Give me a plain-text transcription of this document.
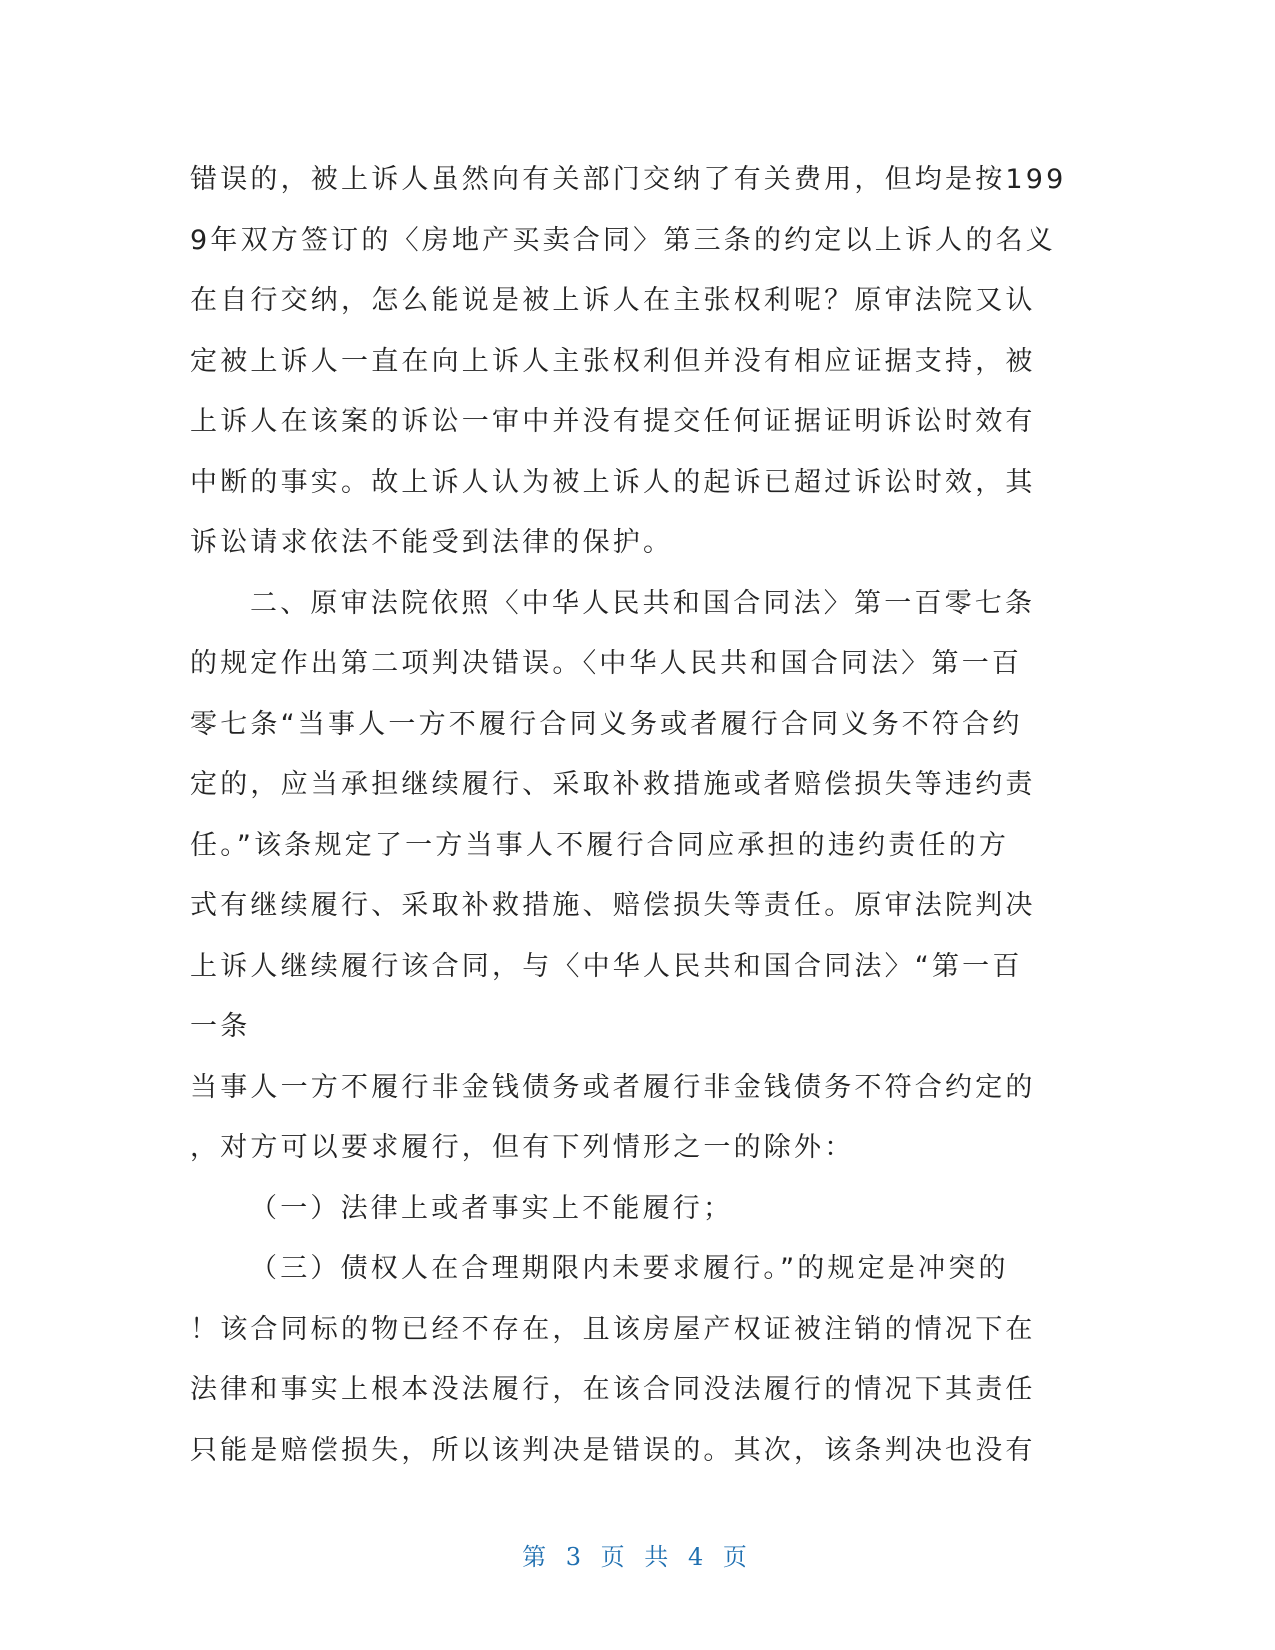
错误的，被上诉人虽然向有关部门交纳了有关费用，但均是按199
9年双方签订的〈房地产买卖合同〉第三条的约定以上诉人的名义
在自行交纳，怎么能说是被上诉人在主张权利呢？原审法院又认
定被上诉人一直在向上诉人主张权利但并没有相应证据支持，被
上诉人在该案的诉讼一审中并没有提交任何证据证明诉讼时效有
中断的事实。故上诉人认为被上诉人的起诉已超过诉讼时效，其
诉讼请求依法不能受到法律的保护。
二、原审法院依照〈中华人民共和国合同法〉第一百零七条
的规定作出第二项判决错误。〈中华人民共和国合同法〉第一百
零七条“当事人一方不履行合同义务或者履行合同义务不符合约
定的，应当承担继续履行、采取补救措施或者赔偿损失等违约责
任。”该条规定了一方当事人不履行合同应承担的违约责任的方
式有继续履行、采取补救措施、赔偿损失等责任。原审法院判决
上诉人继续履行该合同，与〈中华人民共和国合同法〉“第一百
一条
当事人一方不履行非金钱债务或者履行非金钱债务不符合约定的
，对方可以要求履行，但有下列情形之一的除外：
（一）法律上或者事实上不能履行；
（三）债权人在合理期限内未要求履行。”的规定是冲突的
！该合同标的物已经不存在，且该房屋产权证被注销的情况下在
法律和事实上根本没法履行，在该合同没法履行的情况下其责任
只能是赔偿损失，所以该判决是错误的。其次，该条判决也没有
第 3 页 共 4 页
